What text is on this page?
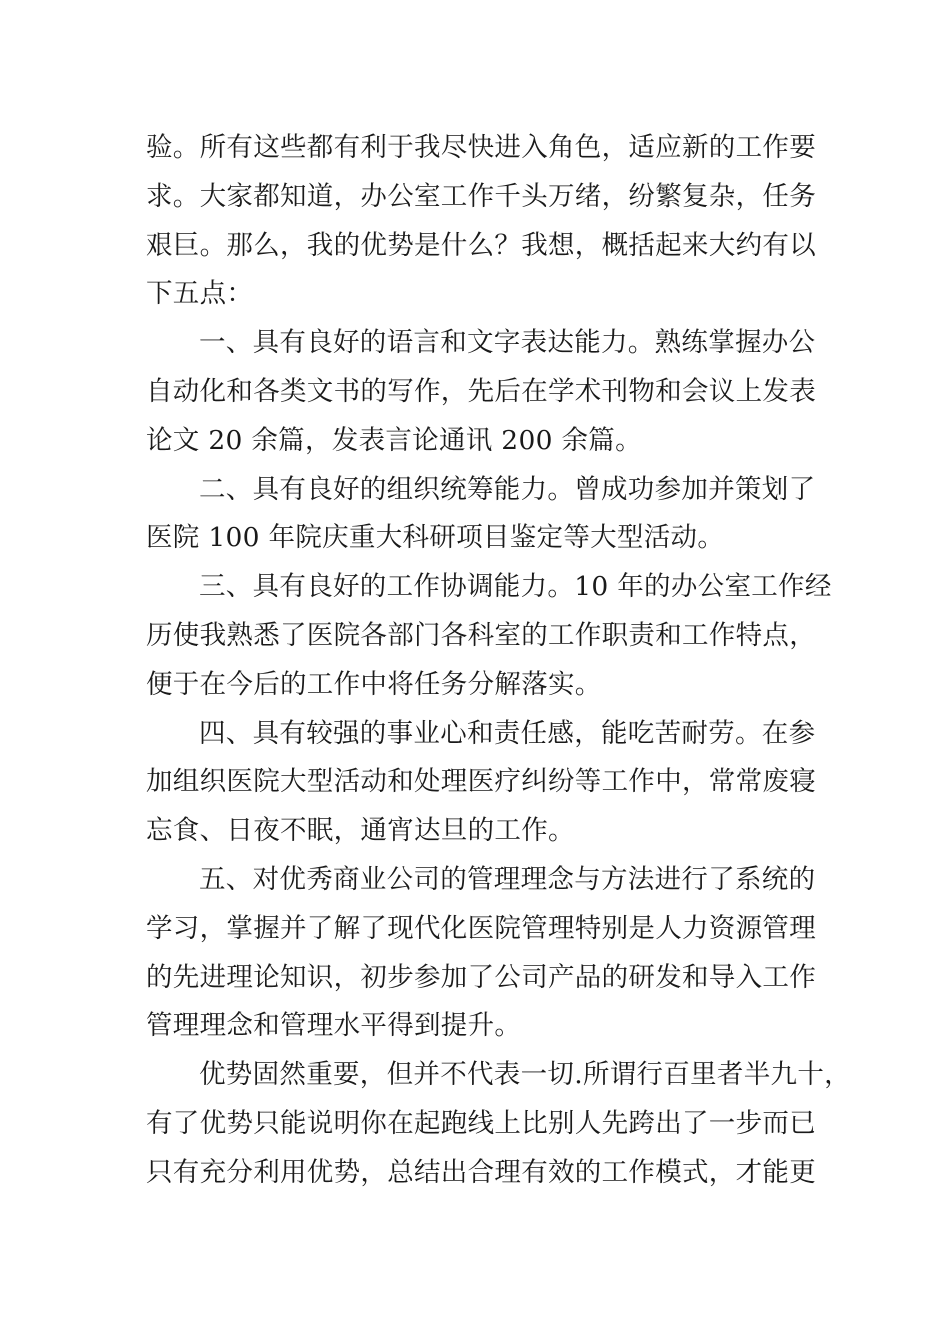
验。所有这些都有利于我尽快进入角色，适应新的工作要
求。大家都知道，办公室工作千头万绪，纷繁复杂，任务
艰巨。那么，我的优势是什么？我想，概括起来大约有以
下五点：
一、具有良好的语言和文字表达能力。熟练掌握办公
自动化和各类文书的写作，先后在学术刊物和会议上发表
论文 20 余篇，发表言论通讯 200 余篇。
二、具有良好的组织统筹能力。曾成功参加并策划了
医院 100 年院庆重大科研项目鉴定等大型活动。
三、具有良好的工作协调能力。10 年的办公室工作经
历使我熟悉了医院各部门各科室的工作职责和工作特点，
便于在今后的工作中将任务分解落实。
四、具有较强的事业心和责任感，能吃苦耐劳。在参
加组织医院大型活动和处理医疗纠纷等工作中，常常废寝
忘食、日夜不眠，通宵达旦的工作。
五、对优秀商业公司的管理理念与方法进行了系统的
学习，掌握并了解了现代化医院管理特别是人力资源管理
的先进理论知识，初步参加了公司产品的研发和导入工作
管理理念和管理水平得到提升。
优势固然重要，但并不代表一切.所谓行百里者半九十，
有了优势只能说明你在起跑线上比别人先跨出了一步而已
只有充分利用优势，总结出合理有效的工作模式，才能更
